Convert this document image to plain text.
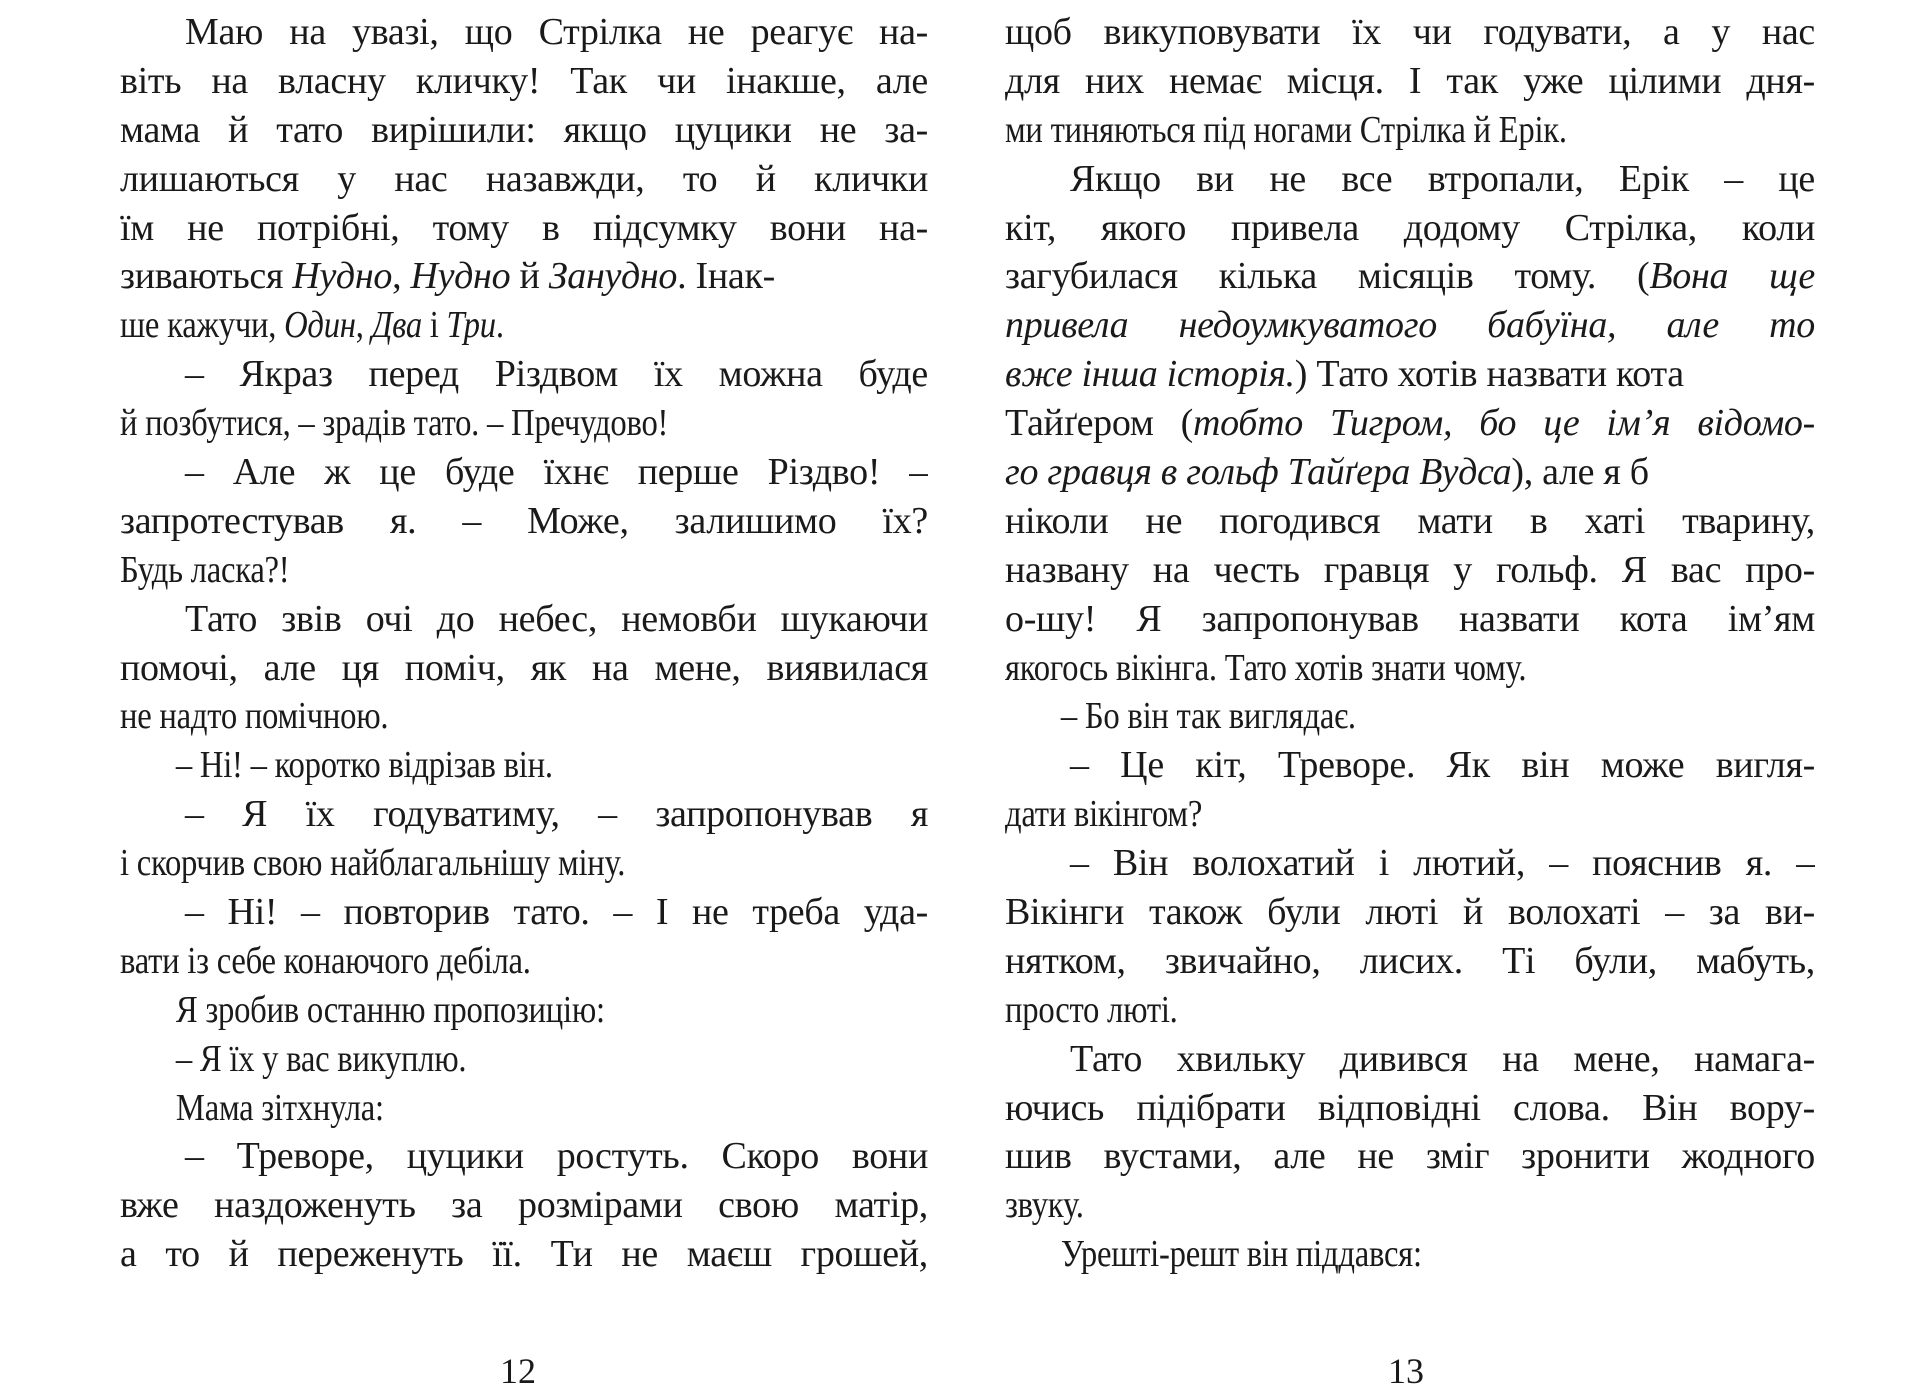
Маю на увазі, що Стрілка не реагує на-
віть на власну кличку! Так чи інакше, але
мама й тато вирішили: якщо цуцики не за-
лишаються у нас назавжди, то й клички
їм не потрібні, тому в підсумку вони на-
зиваються Нудно, Нудно й Занудно. Інак-
ше кажучи, Один, Два і Три.
– Якраз перед Різдвом їх можна буде
й позбутися, – зрадів тато. – Пречудово!
– Але ж це буде їхнє перше Різдво! –
запротестував я. – Може, залишимо їх?
Будь ласка?!
Тато звів очі до небес, немовби шукаючи
помочі, але ця поміч, як на мене, виявилася
не надто помічною.
– Ні! – коротко відрізав він.
– Я їх годуватиму, – запропонував я
і скорчив свою найблагальнішу міну.
– Ні! – повторив тато. – І не треба уда-
вати із себе конаючого дебіла.
Я зробив останню пропозицію:
– Я їх у вас викуплю.
Мама зітхнула:
– Треворе, цуцики ростуть. Скоро вони
вже наздоженуть за розмірами свою матір,
а то й переженуть її. Ти не маєш грошей,
щоб викуповувати їх чи годувати, а у нас
для них немає місця. І так уже цілими дня-
ми тиняються під ногами Стрілка й Ерік.
Якщо ви не все втропали, Ерік – це
кіт, якого привела додому Стрілка, коли
загубилася кілька місяців тому. (Вона ще
привела недоумкуватого бабуїна, але то
вже інша історія.) Тато хотів назвати кота
Тайґером (тобто Тигром, бо це ім’я відомо-
го гравця в гольф Тайґера Вудса), але я б
ніколи не погодився мати в хаті тварину,
названу на честь гравця у гольф. Я вас про-
о-шу! Я запропонував назвати кота ім’ям
якогось вікінга. Тато хотів знати чому.
– Бо він так виглядає.
– Це кіт, Треворе. Як він може вигля-
дати вікінгом?
– Він волохатий і лютий, – пояснив я. –
Вікінги також були люті й волохаті – за ви-
нятком, звичайно, лисих. Ті були, мабуть,
просто люті.
Тато хвильку дивився на мене, намага-
ючись підібрати відповідні слова. Він вору-
шив вустами, але не зміг зронити жодного
звуку.
Урешті-решт він піддався:
12	13
